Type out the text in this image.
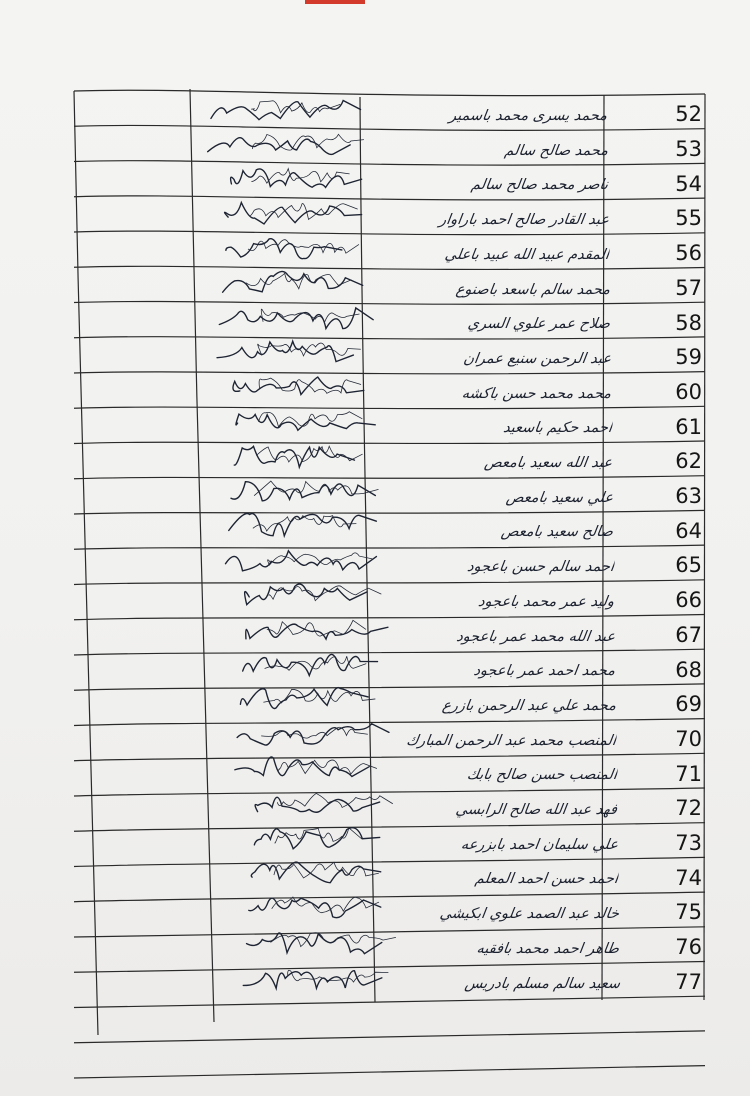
52
محمد يسرى محمد باسمير
53
محمد صالح سالم
54
ناصر محمد صالح سالم
55
عبد القادر صالح احمد باراوار
56
المقدم عبيد الله عبيد باعلي
57
محمد سالم باسعد باصنوع
58
صلاح عمر علوي السري
59
عبد الرحمن سنيع عمران
60
محمد محمد حسن باكشه
61
احمد حكيم باسعيد
62
عبد الله سعيد بامعص
63
علي سعيد بامعص
64
صالح سعيد بامعص
65
احمد سالم حسن باعجود
66
وليد عمر محمد باعجود
67
عبد الله محمد عمر باعجود
68
محمد احمد عمر باعجود
69
محمد علي عبد الرحمن بازرع
70
المنصب محمد عبد الرحمن المبارك
71
المنصب حسن صالح بابك
72
فهد عبد الله صالح الرابسي
73
علي سليمان احمد بابزرعه
74
احمد حسن احمد المعلم
75
خالد عبد الصمد علوي ابكيشي
76
طاهر احمد محمد بافقيه
77
سعيد سالم مسلم بادريس
